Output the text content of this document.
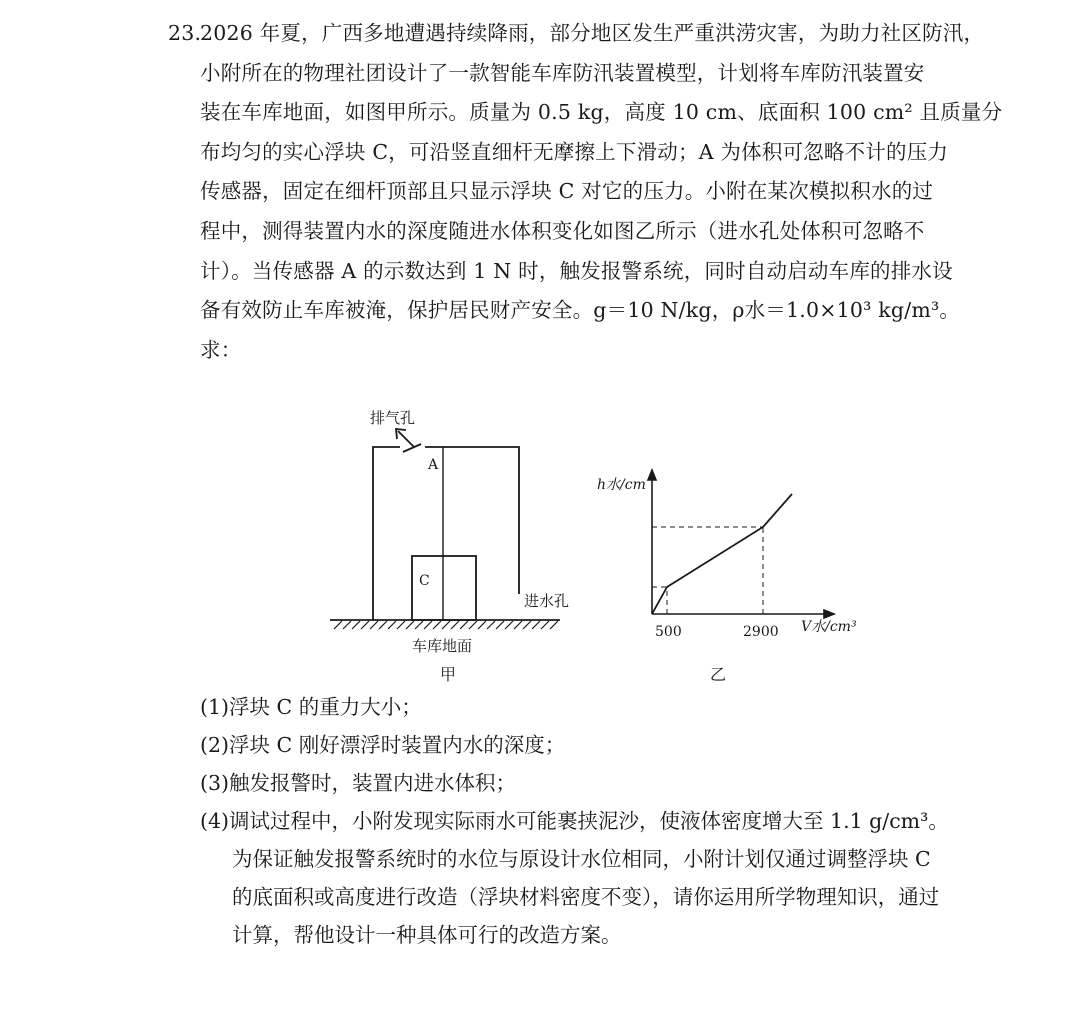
23.2026 年夏，广西多地遭遇持续降雨，部分地区发生严重洪涝灾害，为助力社区防汛，
小附所在的物理社团设计了一款智能车库防汛装置模型，计划将车库防汛装置安
装在车库地面，如图甲所示。质量为 0.5 kg，高度 10 cm、底面积 100 cm² 且质量分
布均匀的实心浮块 C，可沿竖直细杆无摩擦上下滑动；A 为体积可忽略不计的压力
传感器，固定在细杆顶部且只显示浮块 C 对它的压力。小附在某次模拟积水的过
程中，测得装置内水的深度随进水体积变化如图乙所示（进水孔处体积可忽略不
计）。当传感器 A 的示数达到 1 N 时，触发报警系统，同时自动启动车库的排水设
备有效防止车库被淹，保护居民财产安全。g＝10 N/kg，ρ水＝1.0×10³ kg/m³。
求：
排气孔
A
C
进水孔
车库地面
甲
h水/cm
V水/cm³
500	2900
乙
(1)浮块 C 的重力大小；
(2)浮块 C 刚好漂浮时装置内水的深度；
(3)触发报警时，装置内进水体积；
(4)调试过程中，小附发现实际雨水可能裹挟泥沙，使液体密度增大至 1.1 g/cm³。
为保证触发报警系统时的水位与原设计水位相同，小附计划仅通过调整浮块 C
的底面积或高度进行改造（浮块材料密度不变），请你运用所学物理知识，通过
计算，帮他设计一种具体可行的改造方案。
